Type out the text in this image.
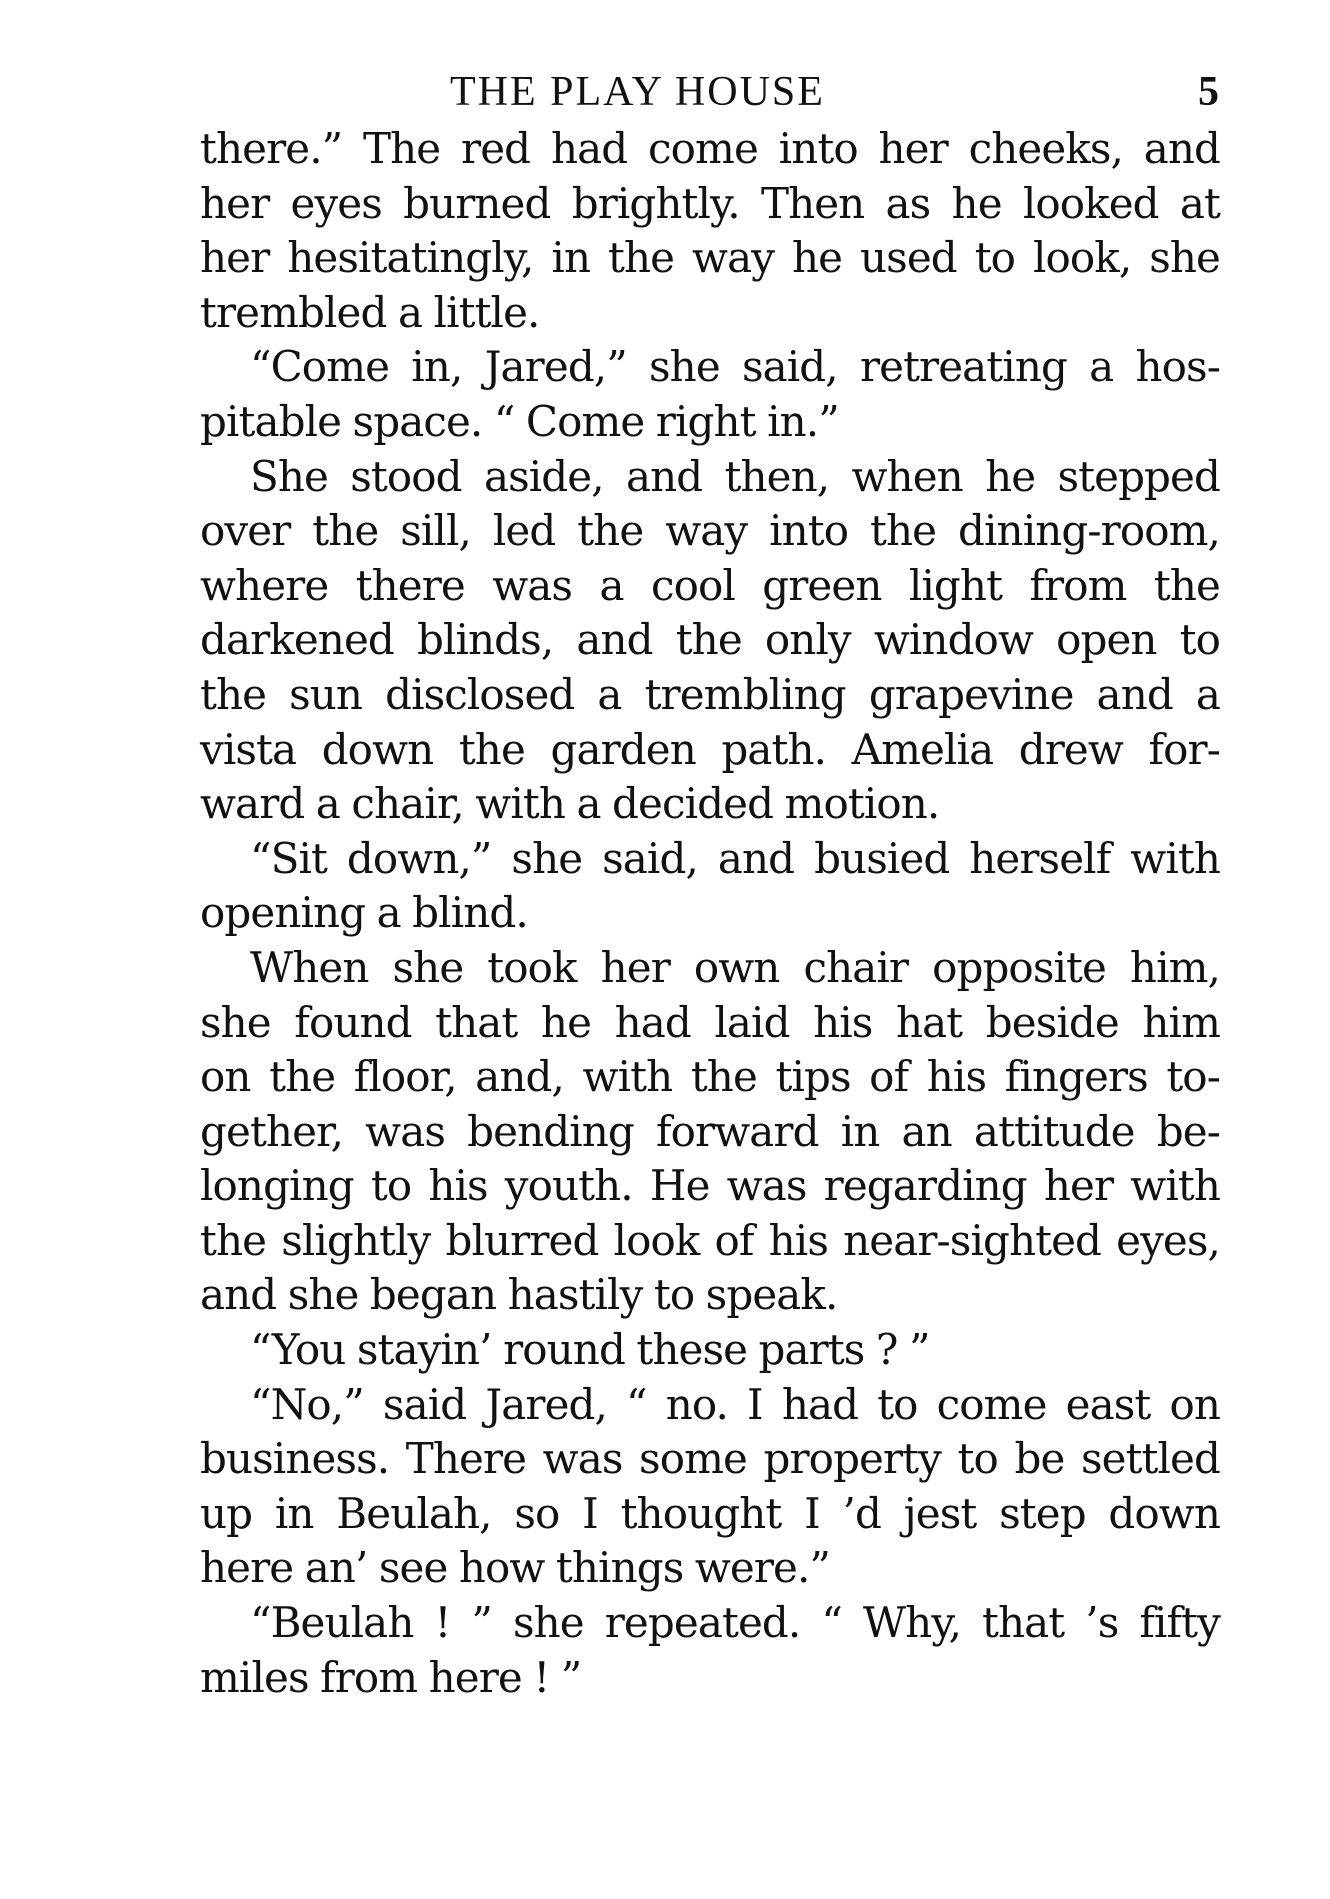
THE PLAY HOUSE	5
there.” The red had come into her cheeks, and
her eyes burned brightly. Then as he looked at
her hesitatingly, in the way he used to look, she
trembled a little.
“Come in, Jared,” she said, retreating a hos-
pitable space. “ Come right in.”
She stood aside, and then, when he stepped
over the sill, led the way into the dining-room,
where there was a cool green light from the
darkened blinds, and the only window open to
the sun disclosed a trembling grapevine and a
vista down the garden path. Amelia drew for-
ward a chair, with a decided motion.
“Sit down,” she said, and busied herself with
opening a blind.
When she took her own chair opposite him,
she found that he had laid his hat beside him
on the floor, and, with the tips of his fingers to-
gether, was bending forward in an attitude be-
longing to his youth. He was regarding her with
the slightly blurred look of his near-sighted eyes,
and she began hastily to speak.
“You stayin’ round these parts ? ”
“No,” said Jared, “ no. I had to come east on
business. There was some property to be settled
up in Beulah, so I thought I ’d jest step down
here an’ see how things were.”
“Beulah ! ” she repeated. “ Why, that ’s fifty
miles from here ! ”
